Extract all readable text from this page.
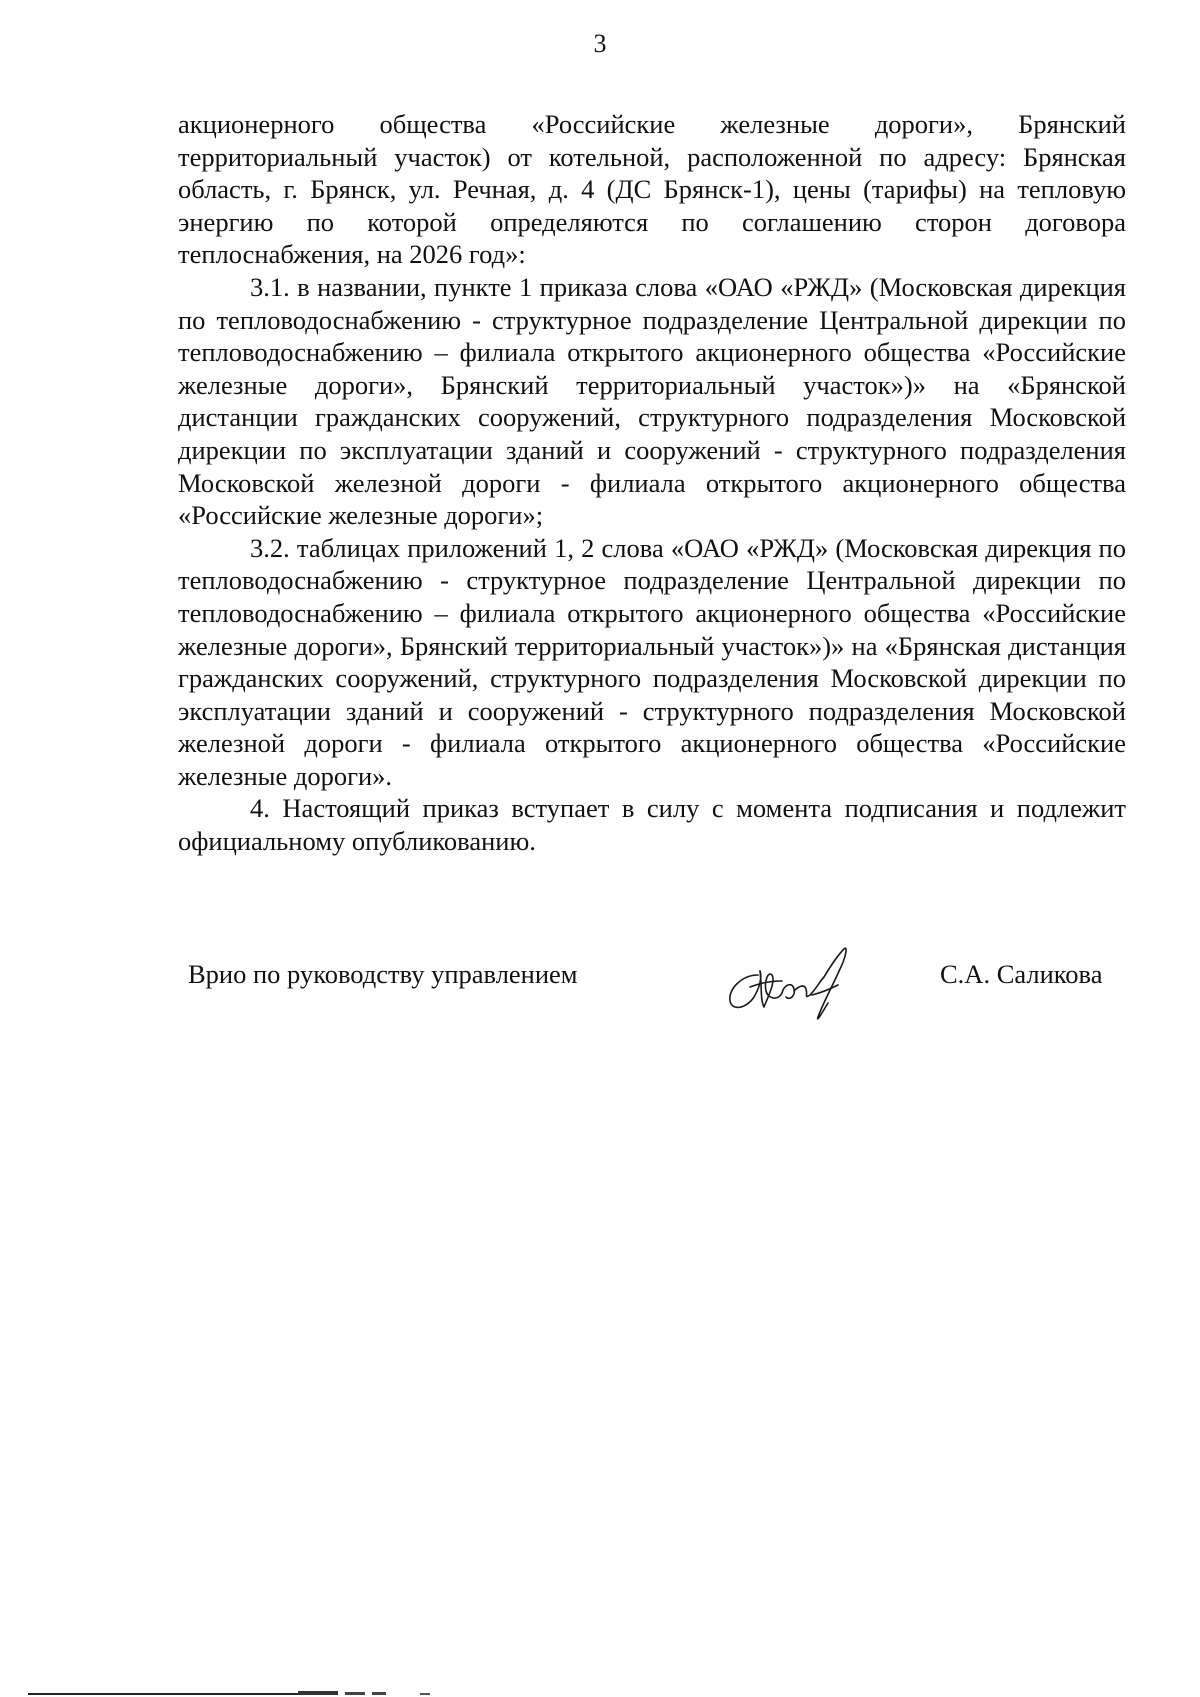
3

акционерного общества «Российские железные дороги», Брянский территориальный участок) от котельной, расположенной по адресу: Брянская область, г. Брянск, ул. Речная, д. 4 (ДС Брянск-1), цены (тарифы) на тепловую энергию по которой определяются по соглашению сторон договора теплоснабжения, на 2026 год»:

3.1. в названии, пункте 1 приказа слова «ОАО «РЖД» (Московская дирекция по тепловодоснабжению - структурное подразделение Центральной дирекции по тепловодоснабжению – филиала открытого акционерного общества «Российские железные дороги», Брянский территориальный участок»)» на «Брянской дистанции гражданских сооружений, структурного подразделения Московской дирекции по эксплуатации зданий и сооружений - структурного подразделения Московской железной дороги - филиала открытого акционерного общества «Российские железные дороги»;

3.2. таблицах приложений 1, 2 слова «ОАО «РЖД» (Московская дирекция по тепловодоснабжению - структурное подразделение Центральной дирекции по тепловодоснабжению – филиала открытого акционерного общества «Российские железные дороги», Брянский территориальный участок»)» на «Брянская дистанция гражданских сооружений, структурного подразделения Московской дирекции по эксплуатации зданий и сооружений - структурного подразделения Московской железной дороги - филиала открытого акционерного общества «Российские железные дороги».

4. Настоящий приказ вступает в силу с момента подписания и подлежит официальному опубликованию.

Врио по руководству управлением	С.А. Саликова
